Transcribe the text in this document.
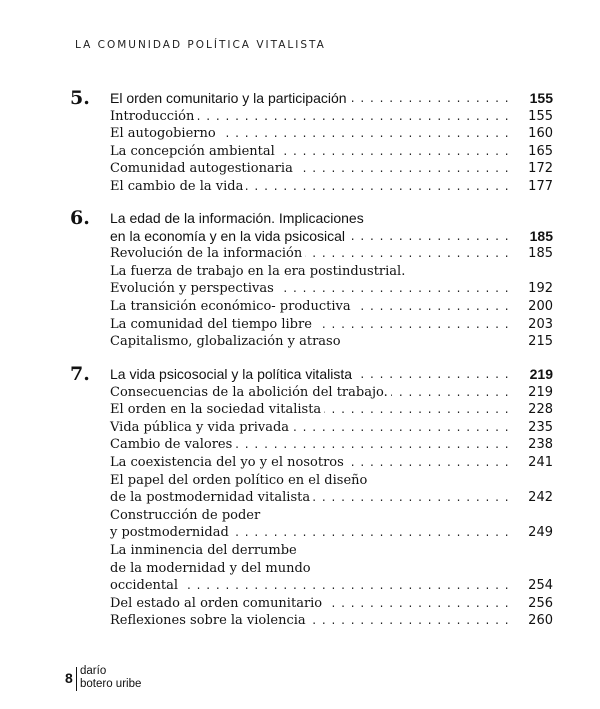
LA COMUNIDAD POLÍTICA VITALISTA
5. . . . El orden comunitario y la participación	155
. . . Introducción	155
. . . El autogobierno	160
. . . La concepción ambiental	165
. . . Comunidad autogestionaria	172
. . . El cambio de la vida	177
6. La edad de la información. Implicaciones
. . . en la economía y en la vida psicosical	185
. . . Revolución de la información	185
La fuerza de trabajo en la era postindustrial.
. . . Evolución y perspectivas	192
. . . La transición económico- productiva	200
. . . La comunidad del tiempo libre	203
Capitalismo, globalización y atraso	215
7. . . . La vida psicosocial y la política vitalista	219
. . . Consecuencias de la abolición del trabajo.	219
. . . El orden en la sociedad vitalista	228
. . . Vida pública y vida privada	235
. . . Cambio de valores	238
. . . La coexistencia del yo y el nosotros	241
El papel del orden político en el diseño
. . . de la postmodernidad vitalista	242
Construcción de poder
. . . y postmodernidad	249
La inminencia del derrumbe
de la modernidad y del mundo
. . . occidental	254
. . . Del estado al orden comunitario	256
. . . Reflexiones sobre la violencia	260
8 darío
botero uribe
